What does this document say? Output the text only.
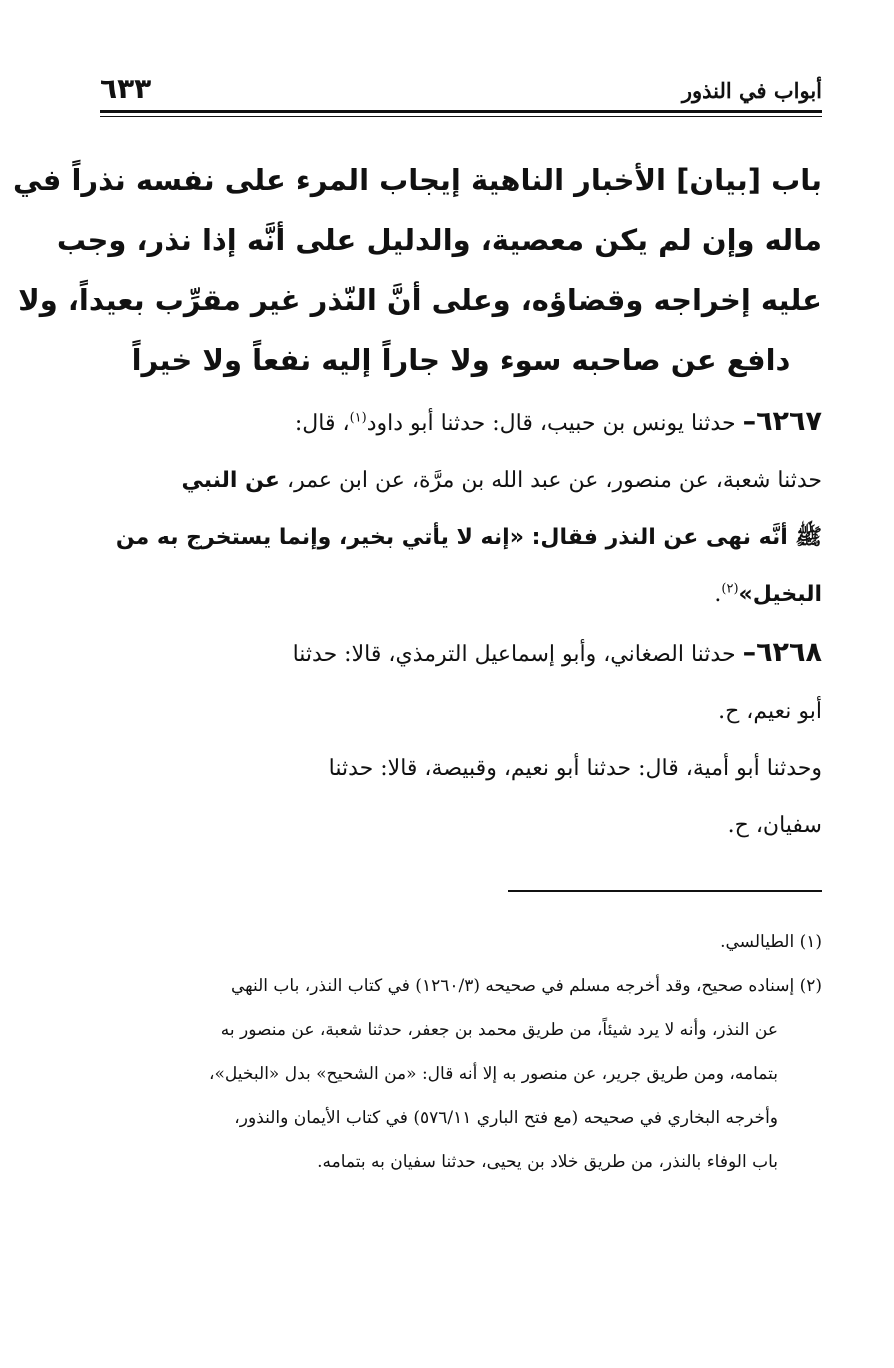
أبواب في النذور
٦٣٣
باب [بيان] الأخبار الناهية إيجاب المرء على نفسه نذراً في
ماله وإن لم يكن معصية، والدليل على أنَّه إذا نذر، وجب
عليه إخراجه وقضاؤه، وعلى أنَّ النّذر غير مقرِّب بعيداً، ولا
دافع عن صاحبه سوء ولا جاراً إليه نفعاً ولا خيراً
٦٢٦٧– حدثنا يونس بن حبيب، قال: حدثنا أبو داود$^{(١)}$، قال:
حدثنا شعبة، عن منصور، عن عبد الله بن مرَّة، عن ابن عمر، عن النبي
ﷺ أنَّه نهى عن النذر فقال: «إنه لا يأتي بخير، وإنما يستخرج به من
البخيل»$^{(٢)}$.
٦٢٦٨– حدثنا الصغاني، وأبو إسماعيل الترمذي، قالا: حدثنا
أبو نعيم، ح.
وحدثنا أبو أمية، قال: حدثنا أبو نعيم، وقبيصة، قالا: حدثنا
سفيان، ح.
(١) الطيالسي.
(٢) إسناده صحيح، وقد أخرجه مسلم في صحيحه (١٢٦٠/٣) في كتاب النذر، باب النهي
عن النذر، وأنه لا يرد شيئاً، من طريق محمد بن جعفر، حدثنا شعبة، عن منصور به
بتمامه، ومن طريق جرير، عن منصور به إلا أنه قال: «من الشحيح» بدل «البخيل»،
وأخرجه البخاري في صحيحه (مع فتح الباري ٥٧٦/١١) في كتاب الأيمان والنذور،
باب الوفاء بالنذر، من طريق خلاد بن يحيى، حدثنا سفيان به بتمامه.
